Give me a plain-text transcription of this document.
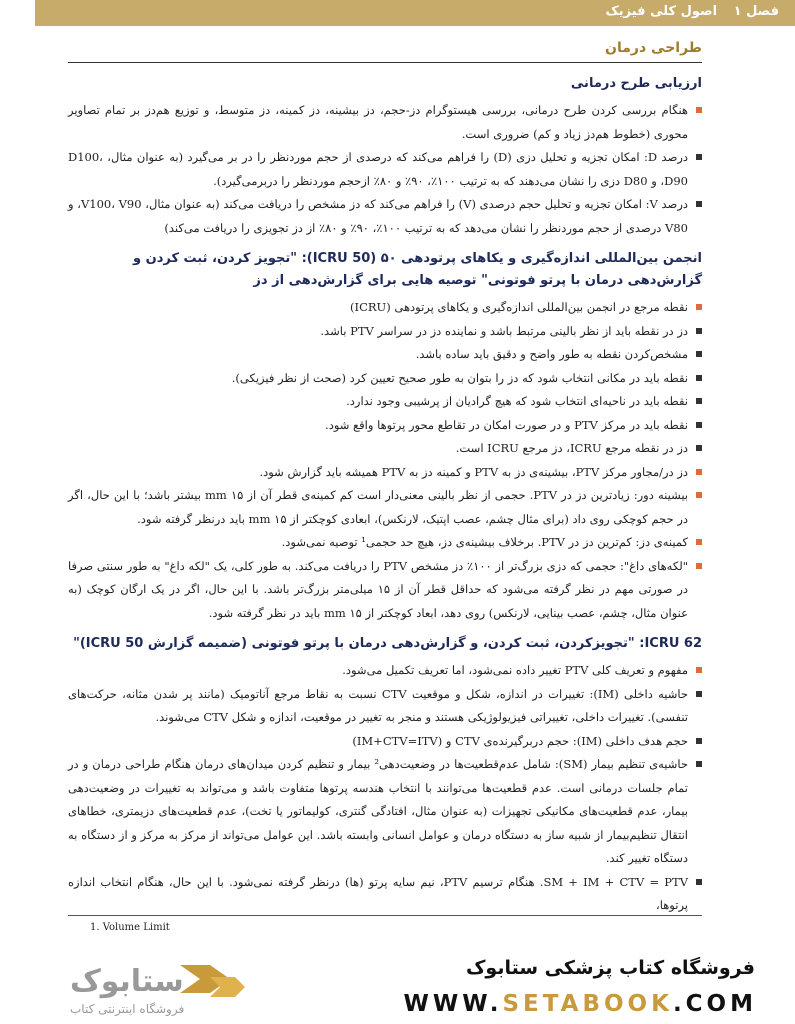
فصل ۱ اصول کلی فیزیک
طراحی درمان
ارزیابی طرح درمانی

هنگام بررسی کردن طرح درمانی، بررسی هیستوگرام دز-حجم، دز بیشینه، دز کمینه، دز متوسط، و توزیع هم‌دز بر تمام تصاویر محوری (خطوط هم‌دز زیاد و کم) ضروری است.

درصد D: امکان تجزیه و تحلیل دزی (D) را فراهم می‌کند که درصدی از حجم موردنظر را در بر می‌گیرد (به عنوان مثال، D100، D90، و D80 دزی را نشان می‌دهند که به ترتیب ۱۰۰٪، ۹۰٪ و ۸۰٪ ازحجم موردنظر را دربرمی‌گیرد).

درصد V: امکان تجزیه و تحلیل حجم درصدی (V) را فراهم می‌کند که دز مشخص را دریافت می‌کند (به عنوان مثال، V100، V90، و V80 درصدی از حجم موردنظر را نشان می‌دهد که به ترتیب ۱۰۰٪، ۹۰٪ و ۸۰٪ از دز تجویزی را دریافت می‌کند)

انجمن بین‌المللی اندازه‌گیری و یکاهای پرتودهی ۵۰ (ICRU 50): "تجویز کردن، ثبت کردن و گزارش‌دهی درمان با پرتو فوتونی" توصیه هایی برای گزارش‌دهی از دز

نقطه مرجع در انجمن بین‌المللی اندازه‌گیری و یکاهای پرتودهی (ICRU)

دز در نقطه باید از نظر بالینی مرتبط باشد و نماینده دز در سراسر PTV باشد.

مشخص‌کردن نقطه به طور واضح و دقیق باید ساده باشد.

نقطه باید در مکانی انتخاب شود که دز را بتوان به طور صحیح تعیین کرد (صحت از نظر فیزیکی).

نقطه باید در ناحیه‌ای انتخاب شود که هیچ گرادیان از پرشیبی وجود ندارد.

نقطه باید در مرکز PTV و در صورت امکان در تقاطع محور پرتوها واقع شود.

دز در نقطه مرجع ICRU، دز مرجع ICRU است.

دز در/مجاور مرکز PTV، بیشینه‌ی دز به PTV و کمینه دز به PTV همیشه باید گزارش شود.

بیشینه دور: زیادترین دز در PTV. حجمی از نظر بالینی معنی‌دار است کم کمینه‌ی قطر آن از ۱۵ mm بیشتر باشد؛ با این حال، اگر در حجم کوچکی روی داد (برای مثال چشم، عصب اپتیک، لارنکس)، ابعادی کوچکتر از ۱۵ mm باید درنظر گرفته شود.

کمینه‌ی دز: کم‌ترین دز در PTV. برخلاف بیشینه‌ی دز، هیچ حد حجمی¹ توصیه نمی‌شود.

"لکه‌های داغ": حجمی که دزی بزرگ‌تر از ۱۰۰٪ دز مشخص PTV را دریافت می‌کند. به طور کلی، یک "لکه داغ" به طور سنتی صرفا در صورتی مهم در نظر گرفته می‌شود که حداقل قطر آن از ۱۵ میلی‌متر بزرگ‌تر باشد. با این حال، اگر در یک ارگان کوچک (به عنوان مثال، چشم، عصب بینایی، لارنکس) روی دهد، ابعاد کوچکتر از ۱۵ mm باید در نظر گرفته شود.

ICRU 62: "تجویزکردن، ثبت کردن، و گزارش‌دهی درمان با پرتو فوتونی (ضمیمه گزارش ICRU 50)"

مفهوم و تعریف کلی PTV تغییر داده نمی‌شود، اما تعریف تکمیل می‌شود.

حاشیه داخلی (IM): تغییرات در اندازه، شکل و موقعیت CTV نسبت به نقاط مرجع آناتومیک (مانند پر شدن مثانه، حرکت‌های تنفسی). تغییرات داخلی، تغییراتی فیزیولوژیکی هستند و منجر به تغییر در موقعیت، اندازه و شکل CTV می‌شوند.

حجم هدف داخلی (IM): حجم دربرگیرنده‌ی CTV و (IM+CTV=ITV)

حاشیه‌ی تنظیم بیمار (SM): شامل عدم‌قطعیت‌ها در وضعیت‌دهی² بیمار و تنظیم کردن میدان‌های درمان هنگام طراحی درمان و در تمام جلسات درمانی است. عدم قطعیت‌ها می‌توانند با انتخاب هندسه پرتوها متفاوت باشد و می‌تواند به تغییرات در وضعیت‌دهی بیمار، عدم قطعیت‌های مکانیکی تجهیزات (به عنوان مثال، افتادگی گنتری، کولیماتور یا تخت)، عدم قطعیت‌های دزیمتری، خطاهای انتقال تنظیم‌بیمار از شبیه ساز به دستگاه درمان و عوامل انسانی وابسته باشد. این عوامل می‌تواند از مرکز به مرکز و از دستگاه به دستگاه تغییر کند.

SM + IM + CTV = PTV. هنگام ترسیم PTV، نیم سایه پرتو (ها) درنظر گرفته نمی‌شود. با این حال، هنگام انتخاب اندازه پرتوها،

1. Volume Limit
ستابوک
فروشگاه اینترنتی کتاب
فروشگاه کتاب پزشکی ستابوک
WWW.SETABOOK.COM
